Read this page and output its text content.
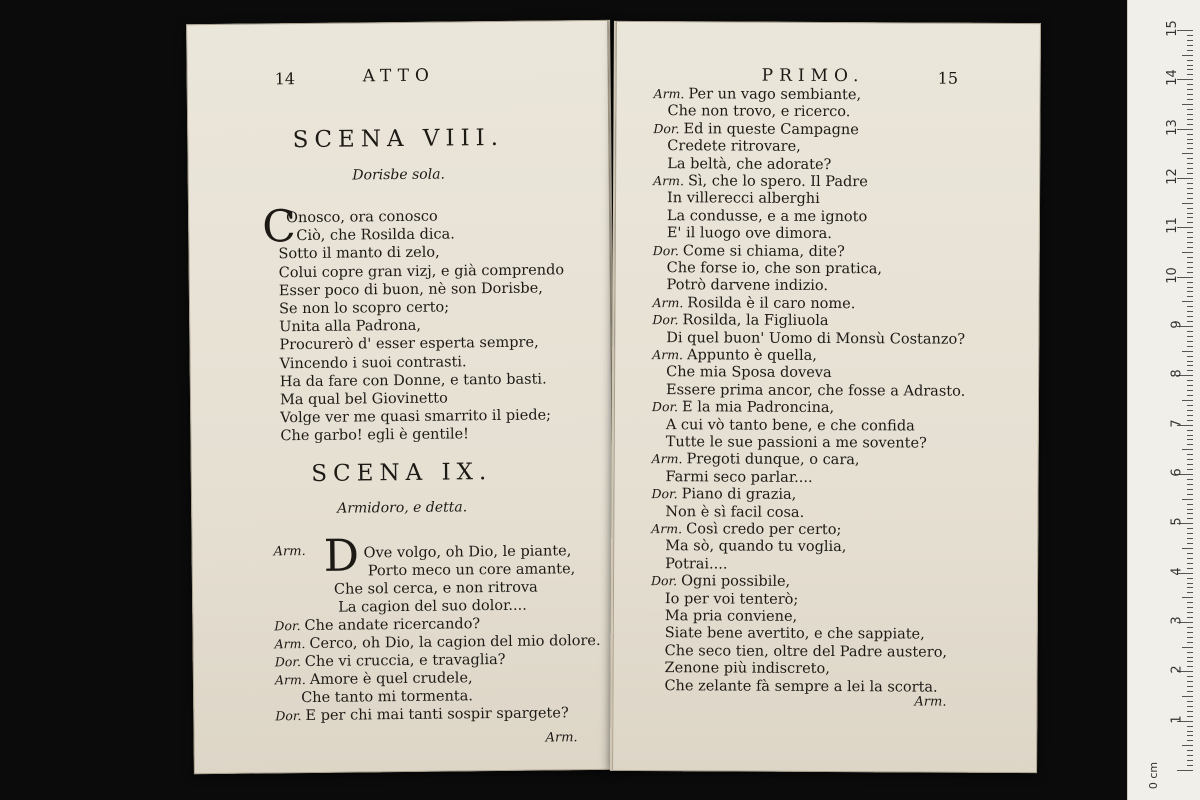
14	ATTO
SCENA VIII.
Dorisbe sola.
C
Onosco, ora conosco
Ciò, che Rosilda dica.
Sotto il manto di zelo,
Colui copre gran vizj, e già comprendo
Esser poco di buon, nè son Dorisbe,
Se non lo scopro certo;
Unita alla Padrona,
Procurerò d' esser esperta sempre,
Vincendo i suoi contrasti.
Ha da fare con Donne, e tanto basti.
Ma qual bel Giovinetto
Volge ver me quasi smarrito il piede;
Che garbo! egli è gentile!
SCENA IX.
Armidoro, e detta.
Arm. D Ove volgo, oh Dio, le piante,
Porto meco un core amante,
Che sol cerca, e non ritrova
La cagion del suo dolor....
Dor. Che andate ricercando?
Arm. Cerco, oh Dio, la cagion del mio dolore.
Dor. Che vi cruccia, e travaglia?
Arm. Amore è quel crudele,
Che tanto mi tormenta.
Dor. E per chi mai tanti sospir spargete?
Arm.
PRIMO.	15
Arm. Per un vago sembiante,
Che non trovo, e ricerco.
Dor. Ed in queste Campagne
Credete ritrovare,
La beltà, che adorate?
Arm. Sì, che lo spero. Il Padre
In villerecci alberghi
La condusse, e a me ignoto
E' il luogo ove dimora.
Dor. Come si chiama, dite?
Che forse io, che son pratica,
Potrò darvene indizio.
Arm. Rosilda è il caro nome.
Dor. Rosilda, la Figliuola
Di quel buon' Uomo di Monsù Costanzo?
Arm. Appunto è quella,
Che mia Sposa doveva
Essere prima ancor, che fosse a Adrasto.
Dor. E la mia Padroncina,
A cui vò tanto bene, e che confida
Tutte le sue passioni a me sovente?
Arm. Pregoti dunque, o cara,
Farmi seco parlar....
Dor. Piano di grazia,
Non è sì facil cosa.
Arm. Così credo per certo;
Ma sò, quando tu voglia,
Potrai....
Dor. Ogni possibile,
Io per voi tenterò;
Ma pria conviene,
Siate bene avertito, e che sappiate,
Che seco tien, oltre del Padre austero,
Zenone più indiscreto,
Che zelante fà sempre a lei la scorta.
Arm.
1
2
3
4
5
6
7
8
9
10
11
12
13
14
15
0 cm
